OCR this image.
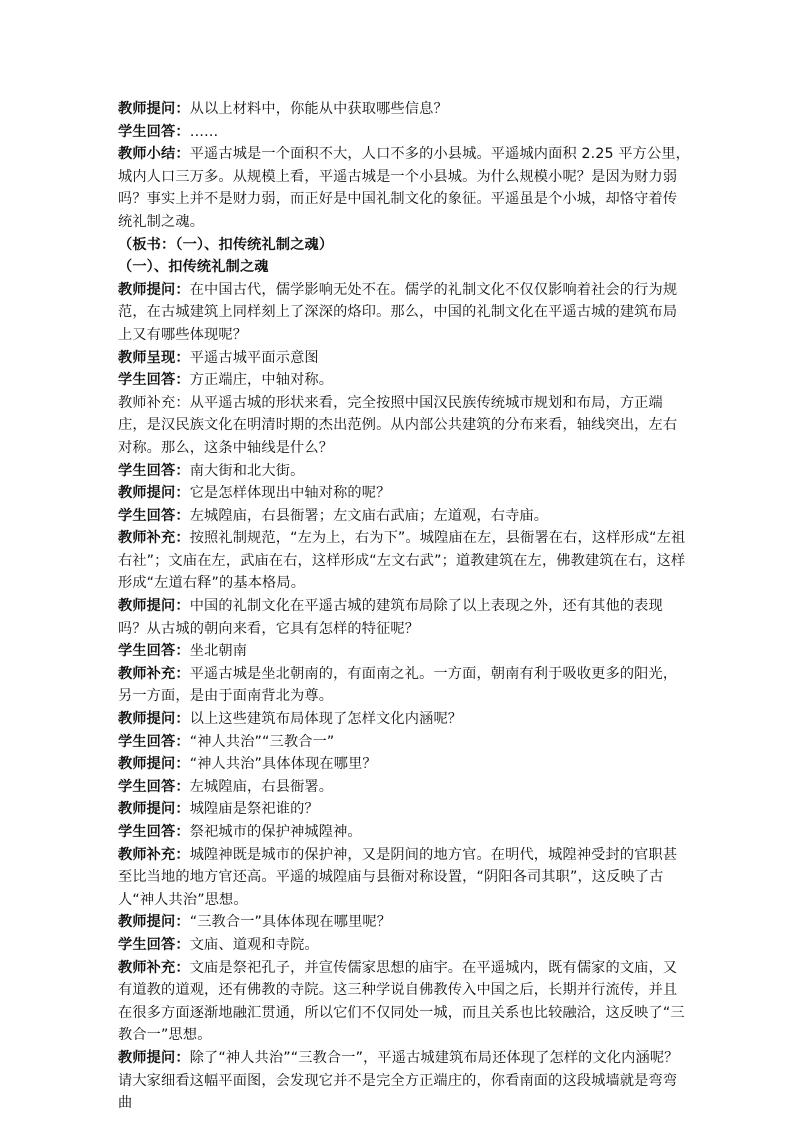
教师提问：从以上材料中，你能从中获取哪些信息？

学生回答：……

教师小结：平遥古城是一个面积不大，人口不多的小县城。平遥城内面积 2.25 平方公里，城内人口三万多。从规模上看，平遥古城是一个小县城。为什么规模小呢？是因为财力弱吗？事实上并不是财力弱，而正好是中国礼制文化的象征。平遥虽是个小城，却恪守着传统礼制之魂。

（板书：（一）、扣传统礼制之魂）

（一）、扣传统礼制之魂

教师提问：在中国古代，儒学影响无处不在。儒学的礼制文化不仅仅影响着社会的行为规范，在古城建筑上同样刻上了深深的烙印。那么，中国的礼制文化在平遥古城的建筑布局上又有哪些体现呢？

教师呈现：平遥古城平面示意图

学生回答：方正端庄，中轴对称。

教师补充：从平遥古城的形状来看，完全按照中国汉民族传统城市规划和布局，方正端庄，是汉民族文化在明清时期的杰出范例。从内部公共建筑的分布来看，轴线突出，左右对称。那么，这条中轴线是什么？

学生回答：南大街和北大街。

教师提问：它是怎样体现出中轴对称的呢？

学生回答：左城隍庙，右县衙署；左文庙右武庙；左道观，右寺庙。

教师补充：按照礼制规范，“左为上，右为下”。城隍庙在左，县衙署在右，这样形成“左祖右社”；文庙在左，武庙在右，这样形成“左文右武”；道教建筑在左，佛教建筑在右，这样形成“左道右释”的基本格局。

教师提问：中国的礼制文化在平遥古城的建筑布局除了以上表现之外，还有其他的表现吗？从古城的朝向来看，它具有怎样的特征呢？

学生回答：坐北朝南

教师补充：平遥古城是坐北朝南的，有面南之礼。一方面，朝南有利于吸收更多的阳光，另一方面，是由于面南背北为尊。

教师提问：以上这些建筑布局体现了怎样文化内涵呢？

学生回答：“神人共治”“三教合一”

教师提问：“神人共治”具体体现在哪里？

学生回答：左城隍庙，右县衙署。

教师提问：城隍庙是祭祀谁的？

学生回答：祭祀城市的保护神城隍神。

教师补充：城隍神既是城市的保护神，又是阴间的地方官。在明代，城隍神受封的官职甚至比当地的地方官还高。平遥的城隍庙与县衙对称设置，“阴阳各司其职”，这反映了古人“神人共治”思想。

教师提问：“三教合一”具体体现在哪里呢？

学生回答：文庙、道观和寺院。

教师补充：文庙是祭祀孔子，并宣传儒家思想的庙宇。在平遥城内，既有儒家的文庙，又有道教的道观，还有佛教的寺院。这三种学说自佛教传入中国之后，长期并行流传，并且在很多方面逐渐地融汇贯通，所以它们不仅同处一城，而且关系也比较融洽，这反映了“三教合一”思想。

教师提问：除了“神人共治”“三教合一”，平遥古城建筑布局还体现了怎样的文化内涵呢？请大家细看这幅平面图，会发现它并不是完全方正端庄的，你看南面的这段城墙就是弯弯曲
